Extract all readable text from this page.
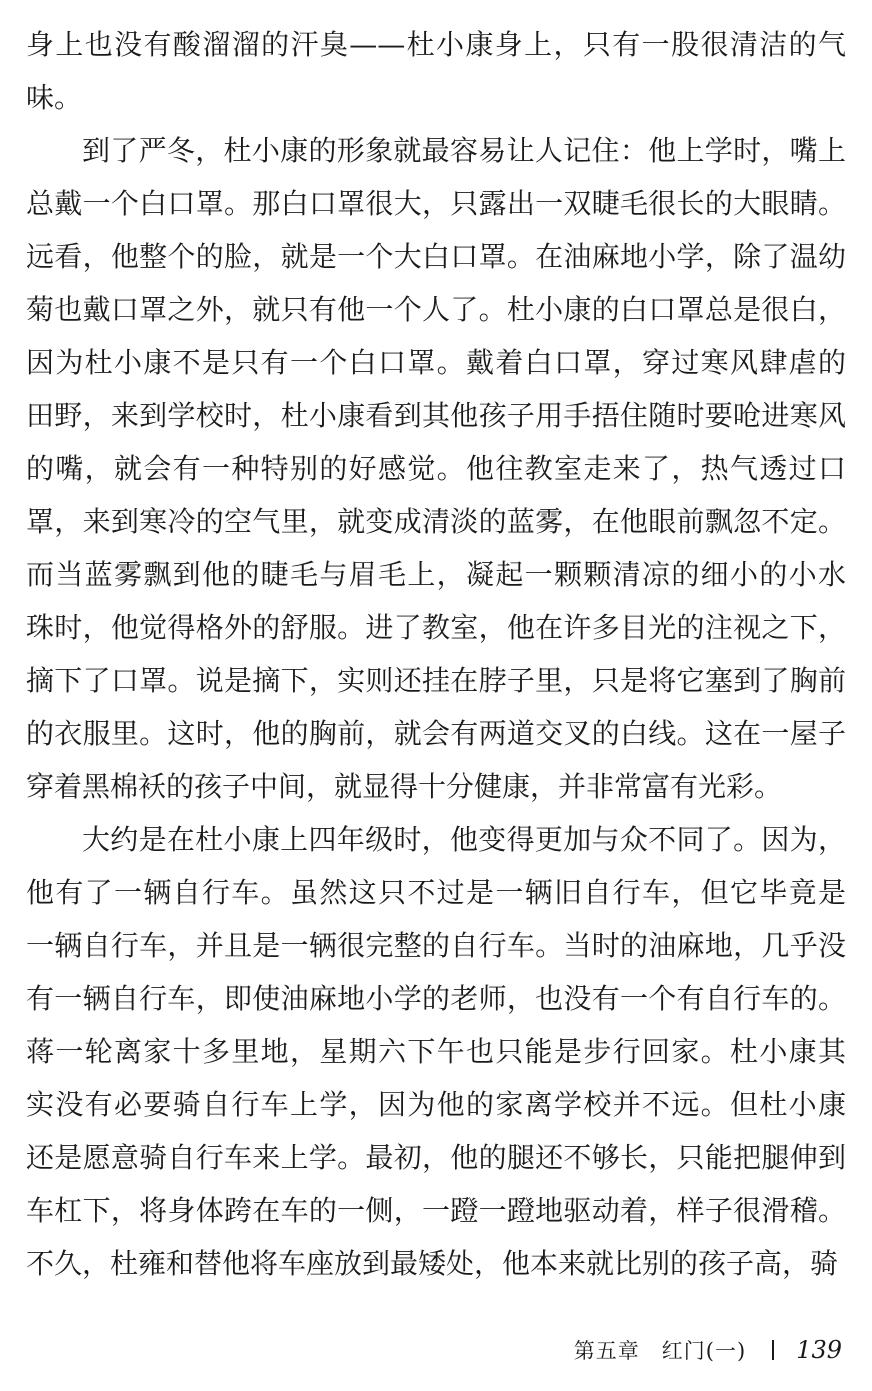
身上也没有酸溜溜的汗臭——杜小康身上，只有一股很清洁的气
味。
到了严冬，杜小康的形象就最容易让人记住：他上学时，嘴上
总戴一个白口罩。那白口罩很大，只露出一双睫毛很长的大眼睛。
远看，他整个的脸，就是一个大白口罩。在油麻地小学，除了温幼
菊也戴口罩之外，就只有他一个人了。杜小康的白口罩总是很白，
因为杜小康不是只有一个白口罩。戴着白口罩，穿过寒风肆虐的
田野，来到学校时，杜小康看到其他孩子用手捂住随时要呛进寒风
的嘴，就会有一种特别的好感觉。他往教室走来了，热气透过口
罩，来到寒冷的空气里，就变成清淡的蓝雾，在他眼前飘忽不定。
而当蓝雾飘到他的睫毛与眉毛上，凝起一颗颗清凉的细小的小水
珠时，他觉得格外的舒服。进了教室，他在许多目光的注视之下，
摘下了口罩。说是摘下，实则还挂在脖子里，只是将它塞到了胸前
的衣服里。这时，他的胸前，就会有两道交叉的白线。这在一屋子
穿着黑棉袄的孩子中间，就显得十分健康，并非常富有光彩。
大约是在杜小康上四年级时，他变得更加与众不同了。因为，
他有了一辆自行车。虽然这只不过是一辆旧自行车，但它毕竟是
一辆自行车，并且是一辆很完整的自行车。当时的油麻地，几乎没
有一辆自行车，即使油麻地小学的老师，也没有一个有自行车的。
蒋一轮离家十多里地，星期六下午也只能是步行回家。杜小康其
实没有必要骑自行车上学，因为他的家离学校并不远。但杜小康
还是愿意骑自行车来上学。最初，他的腿还不够长，只能把腿伸到
车杠下，将身体跨在车的一侧，一蹬一蹬地驱动着，样子很滑稽。
不久，杜雍和替他将车座放到最矮处，他本来就比别的孩子高，骑
第五章　红门(一) 139
